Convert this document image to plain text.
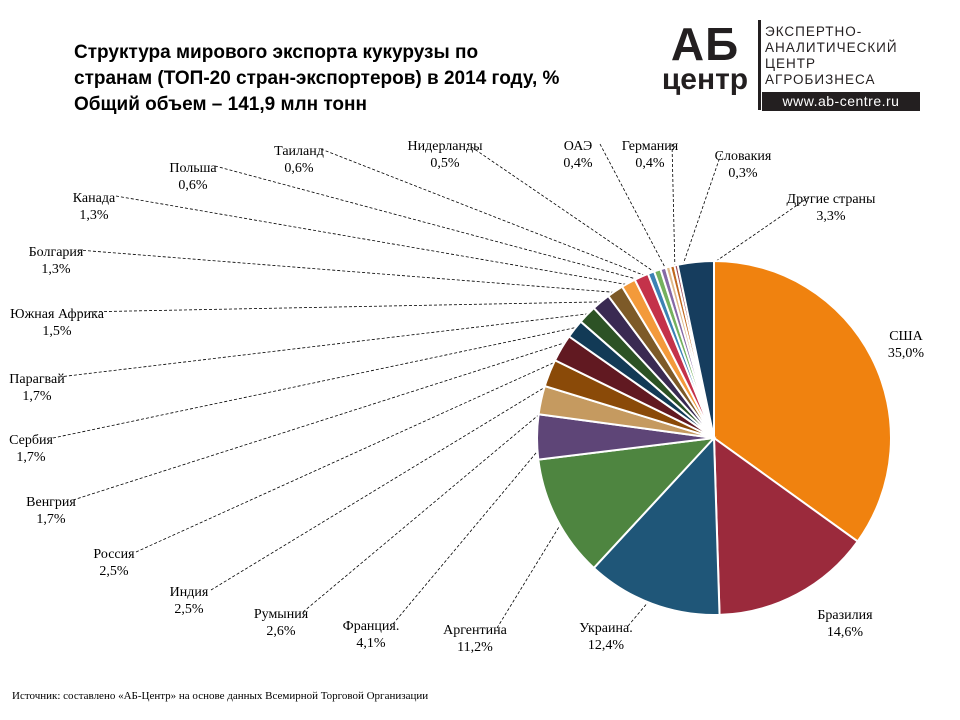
Структура мирового экспорта кукурузы по
странам (ТОП-20 стран-экспортеров) в 2014 году, %
Общий объем – 141,9 млн тонн
АБ
центр
ЭКСПЕРТНО-
АНАЛИТИЧЕСКИЙ
ЦЕНТР
АГРОБИЗНЕСА
www.ab-centre.ru
США
35,0%
Бразилия
14,6%
Украина.
12,4%
Аргентина
11,2%
Франция.
4,1%
Румыния
2,6%
Индия
2,5%
Россия
2,5%
Венгрия
1,7%
Сербия
1,7%
Парагвай
1,7%
Южная Африка
1,5%
Болгария
1,3%
Канада
1,3%
Польша
0,6%
Таиланд
0,6%
Нидерланды
0,5%
ОАЭ
0,4%
Германия
0,4%	Словакия
0,3%
Другие страны
3,3%

Источник: составлено «АБ-Центр» на основе данных Всемирной Торговой Организации
